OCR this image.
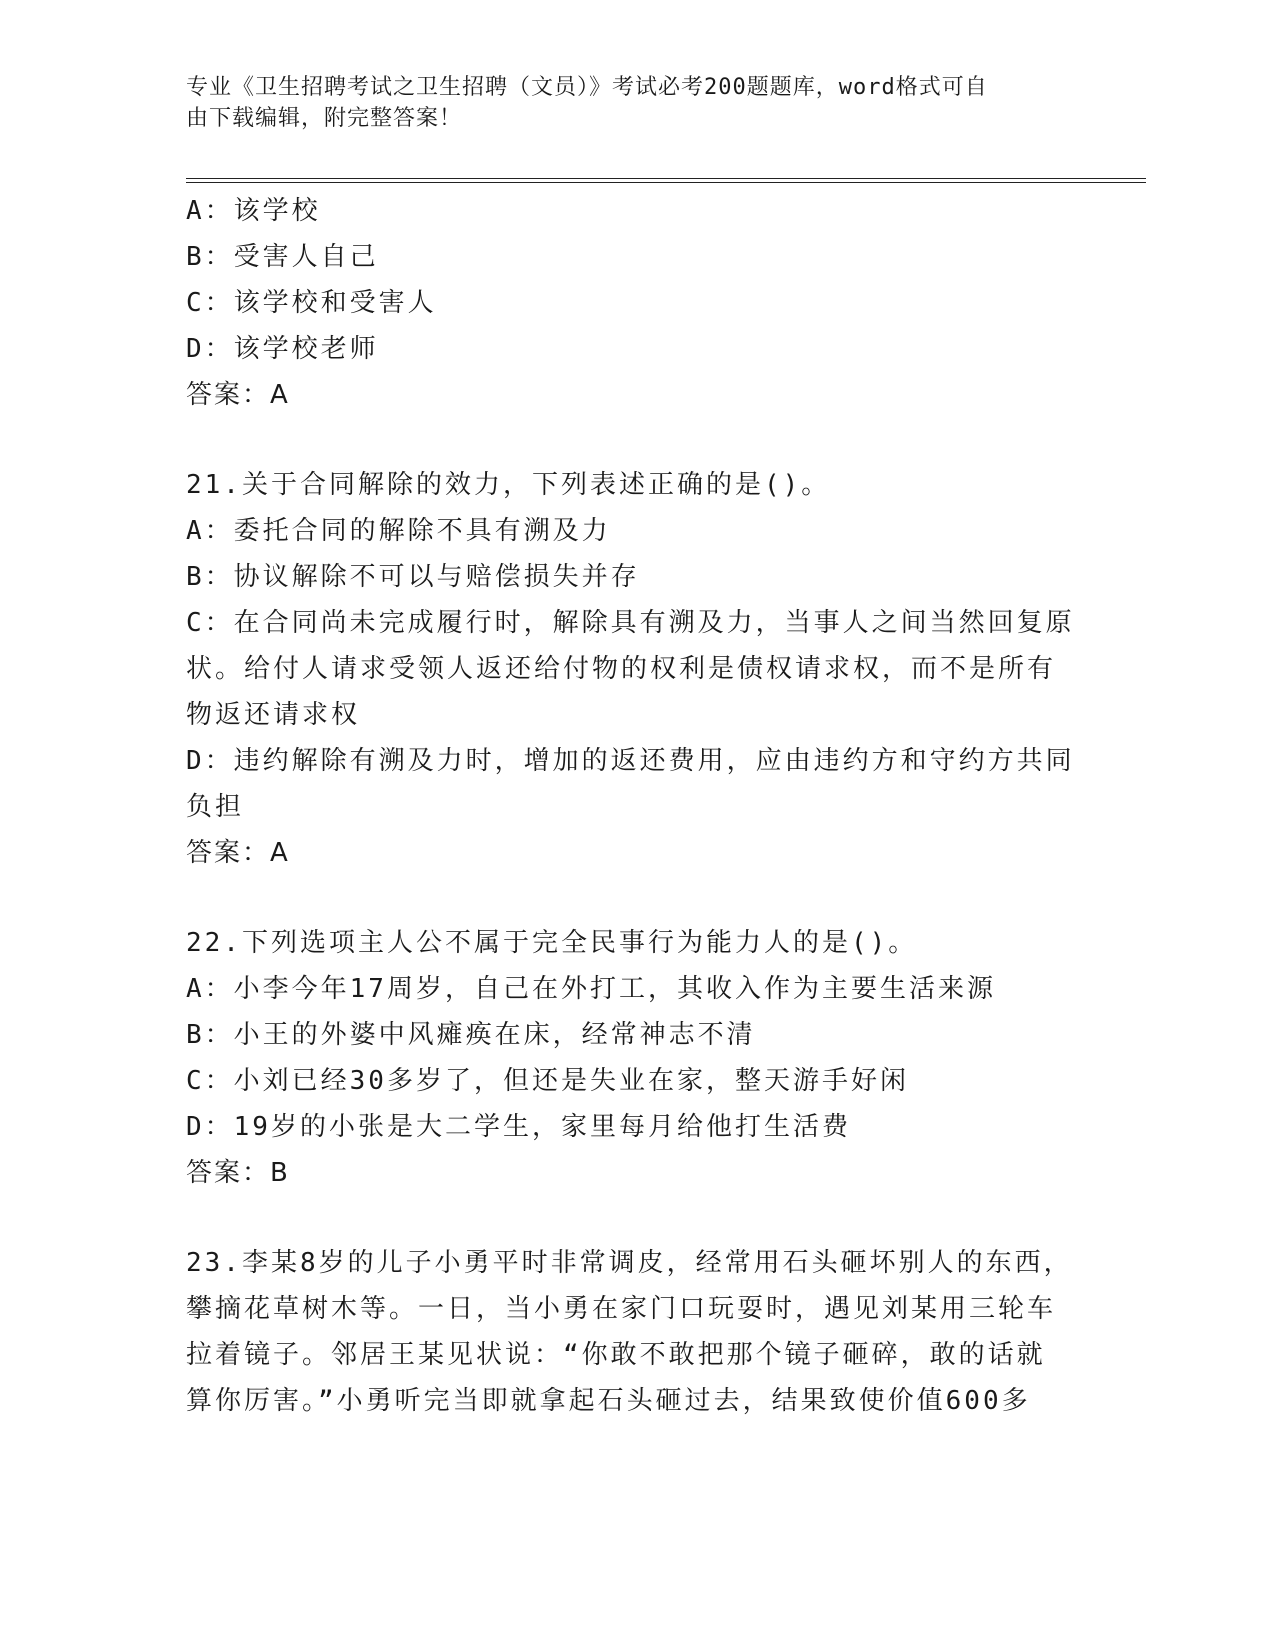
专业《卫生招聘考试之卫生招聘（文员）》考试必考200题题库，word格式可自
由下载编辑，附完整答案！
A：该学校
B：受害人自己
C：该学校和受害人
D：该学校老师
答案：A
21.关于合同解除的效力，下列表述正确的是()。
A：委托合同的解除不具有溯及力
B：协议解除不可以与赔偿损失并存
C：在合同尚未完成履行时，解除具有溯及力，当事人之间当然回复原
状。给付人请求受领人返还给付物的权利是债权请求权，而不是所有
物返还请求权
D：违约解除有溯及力时，增加的返还费用，应由违约方和守约方共同
负担
答案：A
22.下列选项主人公不属于完全民事行为能力人的是()。
A：小李今年17周岁，自己在外打工，其收入作为主要生活来源
B：小王的外婆中风瘫痪在床，经常神志不清
C：小刘已经30多岁了，但还是失业在家，整天游手好闲
D：19岁的小张是大二学生，家里每月给他打生活费
答案：B
23.李某8岁的儿子小勇平时非常调皮，经常用石头砸坏别人的东西，
攀摘花草树木等。一日，当小勇在家门口玩耍时，遇见刘某用三轮车
拉着镜子。邻居王某见状说：“你敢不敢把那个镜子砸碎，敢的话就
算你厉害。”小勇听完当即就拿起石头砸过去，结果致使价值600多
